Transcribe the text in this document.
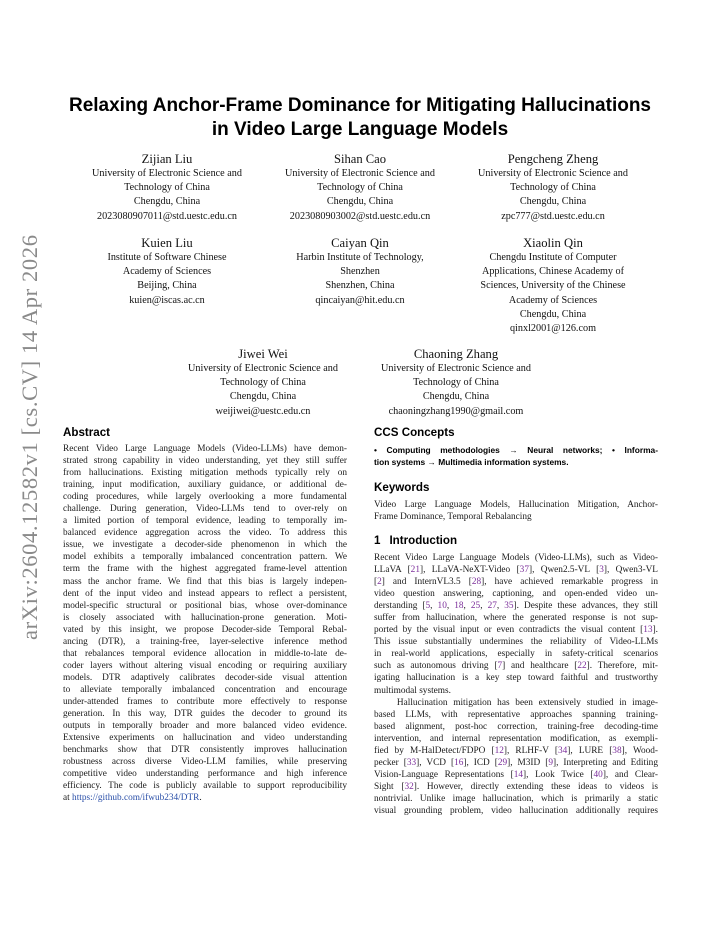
arXiv:2604.12582v1 [cs.CV] 14 Apr 2026
Relaxing Anchor-Frame Dominance for Mitigating Hallucinations
in Video Large Language Models
Zijian Liu
University of Electronic Science and
Technology of China
Chengdu, China
2023080907011@std.uestc.edu.cn
Sihan Cao
University of Electronic Science and
Technology of China
Chengdu, China
2023080903002@std.uestc.edu.cn
Pengcheng Zheng
University of Electronic Science and
Technology of China
Chengdu, China
zpc777@std.uestc.edu.cn
Kuien Liu
Institute of Software Chinese
Academy of Sciences
Beijing, China
kuien@iscas.ac.cn
Caiyan Qin
Harbin Institute of Technology,
Shenzhen
Shenzhen, China
qincaiyan@hit.edu.cn
Xiaolin Qin
Chengdu Institute of Computer
Applications, Chinese Academy of
Sciences, University of the Chinese
Academy of Sciences
Chengdu, China
qinxl2001@126.com
Jiwei Wei
University of Electronic Science and
Technology of China
Chengdu, China
weijiwei@uestc.edu.cn
Chaoning Zhang
University of Electronic Science and
Technology of China
Chengdu, China
chaoningzhang1990@gmail.com
Abstract
Recent Video Large Language Models (Video-LLMs) have demon-
strated strong capability in video understanding, yet they still suffer
from hallucinations. Existing mitigation methods typically rely on
training, input modification, auxiliary guidance, or additional de-
coding procedures, while largely overlooking a more fundamental
challenge. During generation, Video-LLMs tend to over-rely on
a limited portion of temporal evidence, leading to temporally im-
balanced evidence aggregation across the video. To address this
issue, we investigate a decoder-side phenomenon in which the
model exhibits a temporally imbalanced concentration pattern. We
term the frame with the highest aggregated frame-level attention
mass the anchor frame. We find that this bias is largely indepen-
dent of the input video and instead appears to reflect a persistent,
model-specific structural or positional bias, whose over-dominance
is closely associated with hallucination-prone generation. Moti-
vated by this insight, we propose Decoder-side Temporal Rebal-
ancing (DTR), a training-free, layer-selective inference method
that rebalances temporal evidence allocation in middle-to-late de-
coder layers without altering visual encoding or requiring auxiliary
models. DTR adaptively calibrates decoder-side visual attention
to alleviate temporally imbalanced concentration and encourage
under-attended frames to contribute more effectively to response
generation. In this way, DTR guides the decoder to ground its
outputs in temporally broader and more balanced video evidence.
Extensive experiments on hallucination and video understanding
benchmarks show that DTR consistently improves hallucination
robustness across diverse Video-LLM families, while preserving
competitive video understanding performance and high inference
efficiency. The code is publicly available to support reproducibility
at https://github.com/ifwub234/DTR.
CCS Concepts
• Computing methodologies → Neural networks; • Informa-
tion systems → Multimedia information systems.
Keywords
Video Large Language Models, Hallucination Mitigation, Anchor-
Frame Dominance, Temporal Rebalancing
1 Introduction
Recent Video Large Language Models (Video-LLMs), such as Video-
LLaVA [21], LLaVA-NeXT-Video [37], Qwen2.5-VL [3], Qwen3-VL
[2] and InternVL3.5 [28], have achieved remarkable progress in
video question answering, captioning, and open-ended video un-
derstanding [5, 10, 18, 25, 27, 35]. Despite these advances, they still
suffer from hallucination, where the generated response is not sup-
ported by the visual input or even contradicts the visual content [13].
This issue substantially undermines the reliability of Video-LLMs
in real-world applications, especially in safety-critical scenarios
such as autonomous driving [7] and healthcare [22]. Therefore, mit-
igating hallucination is a key step toward faithful and trustworthy
multimodal systems.
Hallucination mitigation has been extensively studied in image-
based LLMs, with representative approaches spanning training-
based alignment, post-hoc correction, training-free decoding-time
intervention, and internal representation modification, as exempli-
fied by M-HalDetect/FDPO [12], RLHF-V [34], LURE [38], Wood-
pecker [33], VCD [16], ICD [29], M3ID [9], Interpreting and Editing
Vision-Language Representations [14], Look Twice [40], and Clear-
Sight [32]. However, directly extending these ideas to videos is
nontrivial. Unlike image hallucination, which is primarily a static
visual grounding problem, video hallucination additionally requires
